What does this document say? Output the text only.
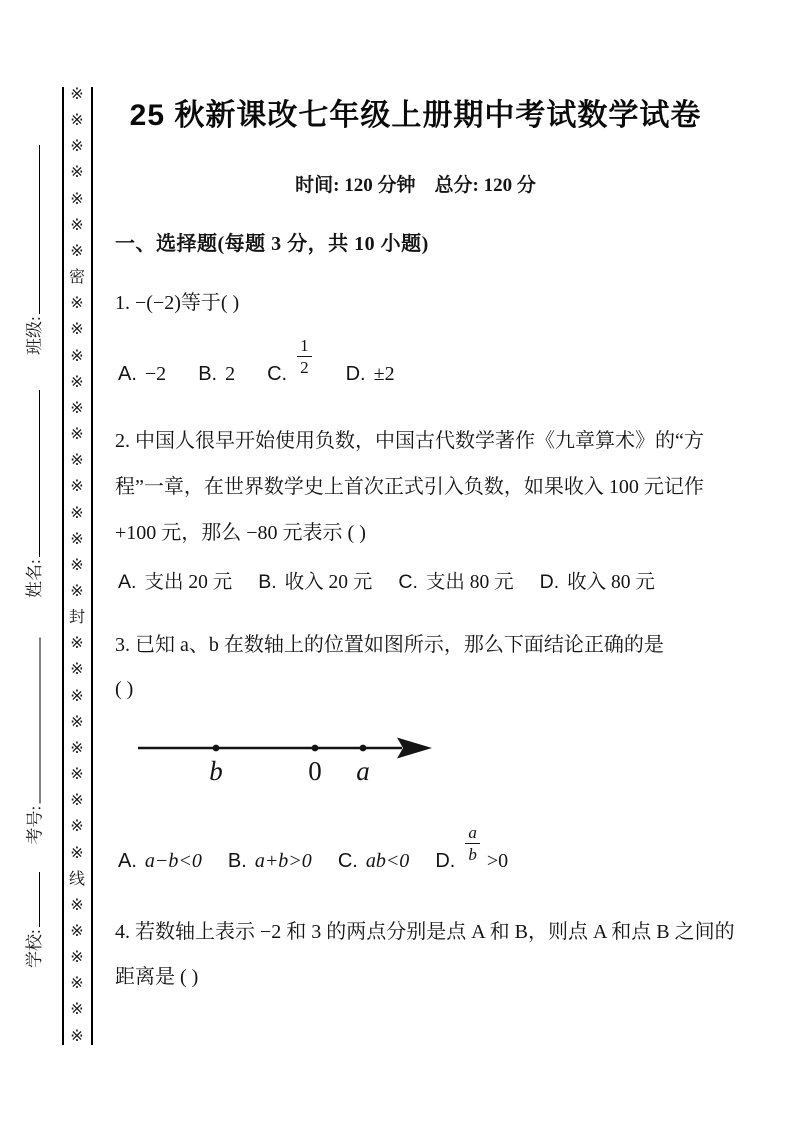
※
※
※
※
※
※
※
密
※
※
※
※
※
※
※
※
※
※
※
※
封
※
※
※
※
※
※
※
※
※
线
※
※
※
※
※
※
班级:
姓名:
考号:
学校:
25 秋新课改七年级上册期中考试数学试卷
时间: 120 分钟　总分: 120 分
一、选择题(每题 3 分，共 10 小题)
1. −(−2)等于( )
A. −2 B. 2 C. $\frac{1}{2} D$. ±2
2. 中国人很早开始使用负数，中国古代数学著作《九章算术》的“方程”一章，在世界数学史上首次正式引入负数，如果收入 100 元记作 +100 元，那么 −80 元表示 ( )
A. 支出 20 元 B. 收入 20 元 C. 支出 80 元 D. 收入 80 元
3. 已知 a、b 在数轴上的位置如图所示，那么下面结论正确的是
( )
b	0 a
A. a−b<0 B. a+b>0 C. ab<0 D. $\frac{a}{b} >0$
4. 若数轴上表示 −2 和 3 的两点分别是点 A 和 B，则点 A 和点 B 之间的距离是 ( )
